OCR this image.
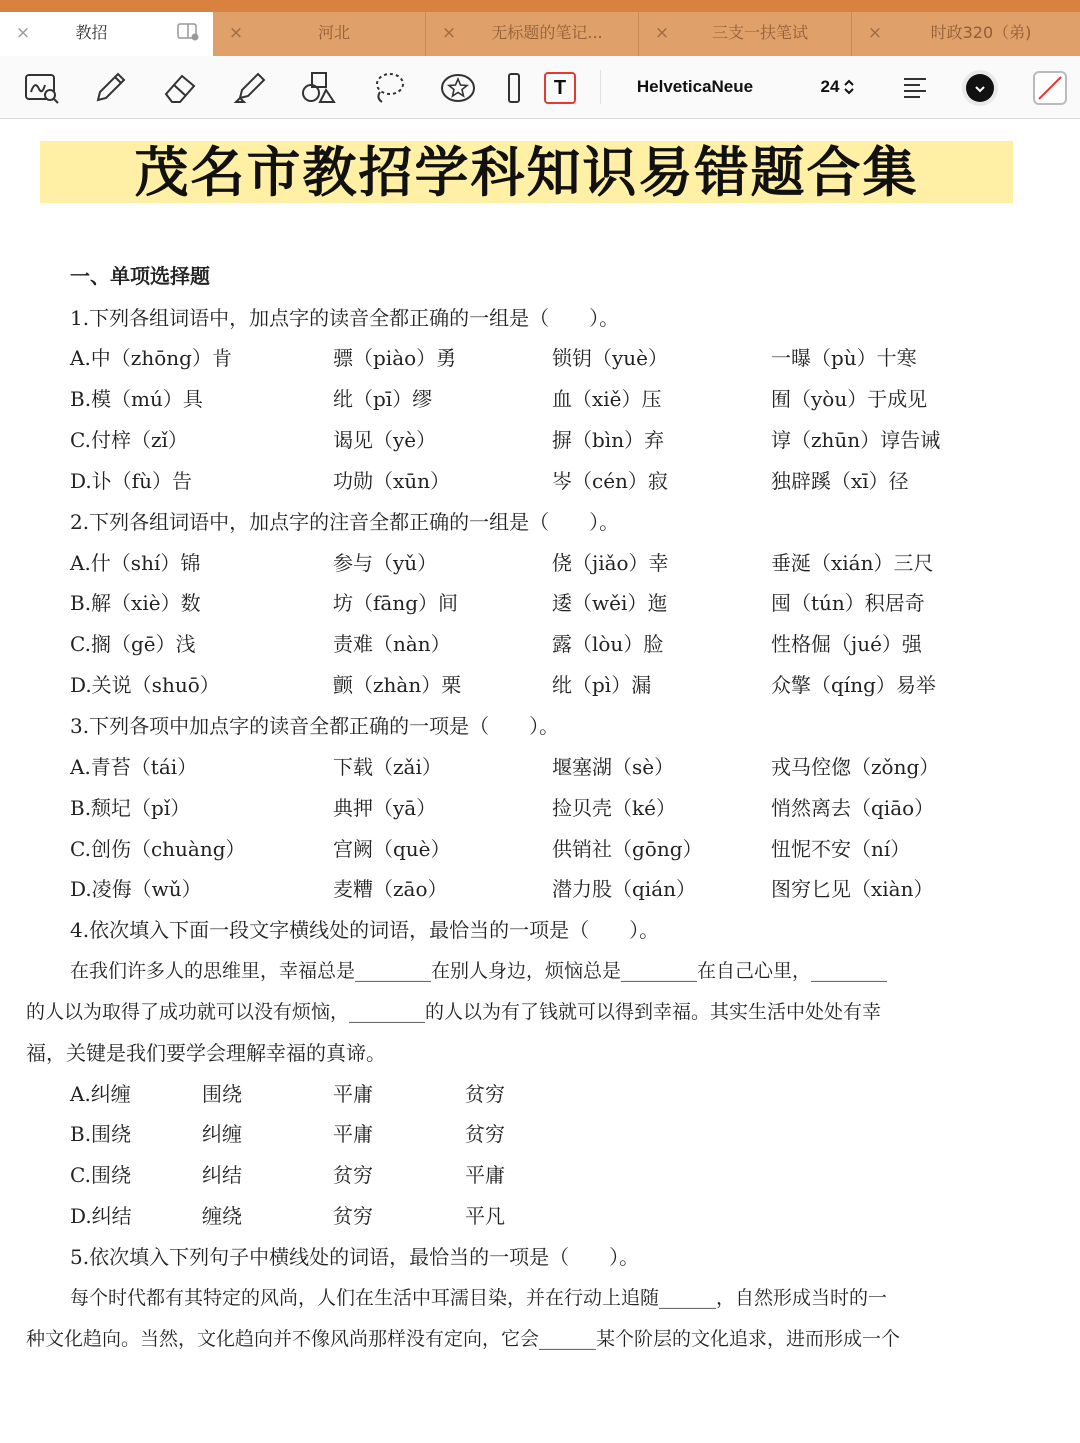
×	教招	×	河北	×	无标题的笔记...	×	三支一扶笔试	×	时政320（弟)
T	HelveticaNeue	24
茂名市教招学科知识易错题合集
一、单项选择题
1.下列各组词语中，加点字的读音全都正确的一组是（　　）。
A.中（zhōng）肯	骠（piào）勇	锁钥（yuè）	一曝（pù）十寒
B.模（mú）具	纰（pī）缪	血（xiě）压	囿（yòu）于成见
C.付梓（zǐ）	谒见（yè）	摒（bìn）弃	谆（zhūn）谆告诫
D.讣（fù）告	功勋（xūn）	岑（cén）寂	独辟蹊（xī）径
2.下列各组词语中，加点字的注音全都正确的一组是（　　）。
A.什（shí）锦	参与（yǔ）	侥（jiǎo）幸	垂涎（xián）三尺
B.解（xiè）数	坊（fāng）间	逶（wěi）迤	囤（tún）积居奇
C.搁（gē）浅	责难（nàn）	露（lòu）脸	性格倔（jué）强
D.关说（shuō）	颤（zhàn）栗	纰（pì）漏	众擎（qíng）易举
3.下列各项中加点字的读音全都正确的一项是（　　）。
A.青苔（tái）	下载（zǎi）	堰塞湖（sè）	戎马倥偬（zǒng）
B.颓圮（pǐ）	典押（yā）	捡贝壳（ké）	悄然离去（qiāo）
C.创伤（chuàng）	宫阙（què）	供销社（gōng）	忸怩不安（ní）
D.凌侮（wǔ）	麦糟（zāo）	潜力股（qián）	图穷匕见（xiàn）
4.依次填入下面一段文字横线处的词语，最恰当的一项是（　　）。
在我们许多人的思维里，幸福总是________在别人身边，烦恼总是________在自己心里，________
的人以为取得了成功就可以没有烦恼，________的人以为有了钱就可以得到幸福。其实生活中处处有幸
福，关键是我们要学会理解幸福的真谛。
A.纠缠	围绕	平庸	贫穷
B.围绕	纠缠	平庸	贫穷
C.围绕	纠结	贫穷	平庸
D.纠结	缠绕	贫穷	平凡
5.依次填入下列句子中横线处的词语，最恰当的一项是（　　）。
每个时代都有其特定的风尚，人们在生活中耳濡目染，并在行动上追随______，自然形成当时的一
种文化趋向。当然，文化趋向并不像风尚那样没有定向，它会______某个阶层的文化追求，进而形成一个
